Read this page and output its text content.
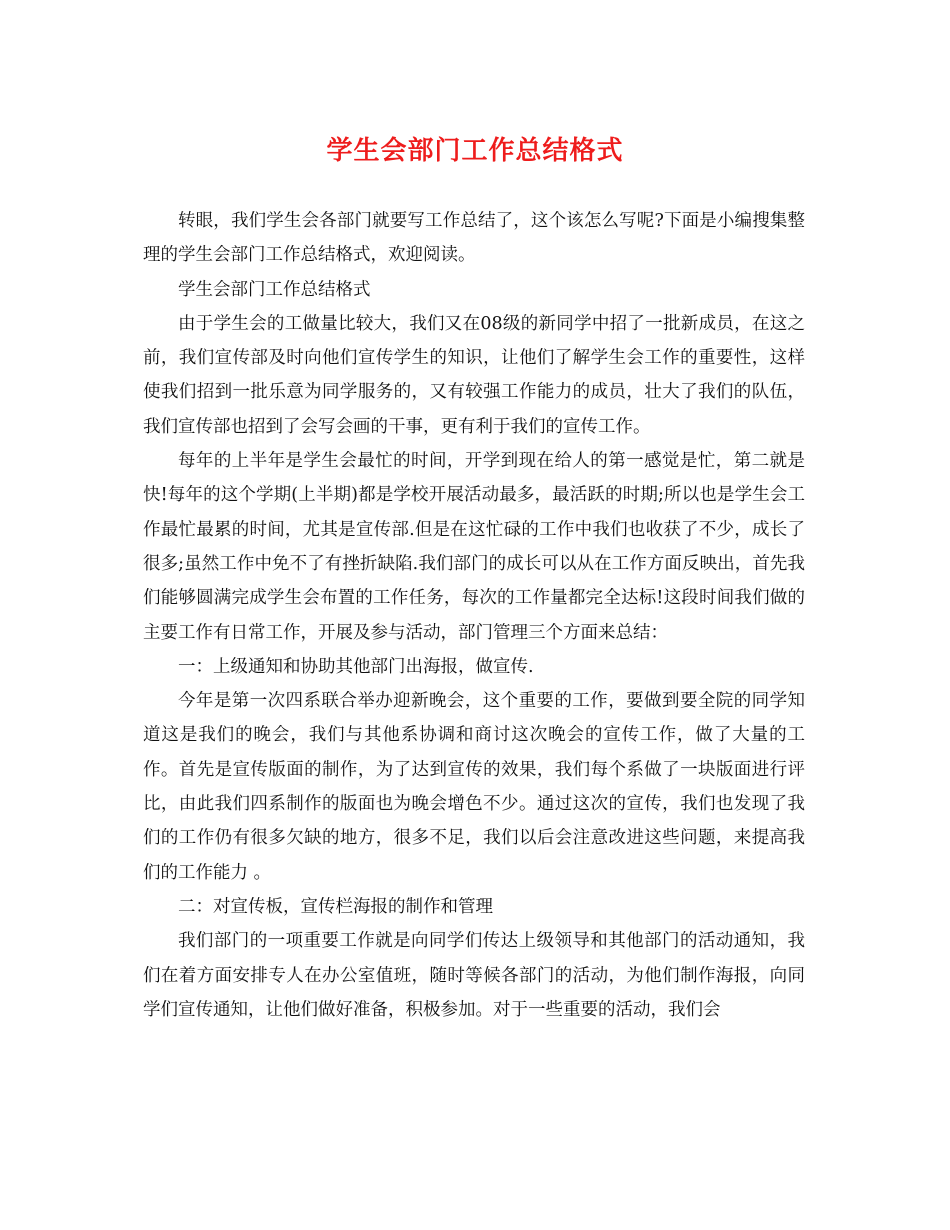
学生会部门工作总结格式

转眼，我们学生会各部门就要写工作总结了，这个该怎么写呢?下面是小编搜集整理的学生会部门工作总结格式，欢迎阅读。

学生会部门工作总结格式

由于学生会的工做量比较大，我们又在08级的新同学中招了一批新成员，在这之前，我们宣传部及时向他们宣传学生的知识，让他们了解学生会工作的重要性，这样使我们招到一批乐意为同学服务的，又有较强工作能力的成员，壮大了我们的队伍，我们宣传部也招到了会写会画的干事，更有利于我们的宣传工作。

每年的上半年是学生会最忙的时间，开学到现在给人的第一感觉是忙，第二就是快!每年的这个学期(上半期)都是学校开展活动最多，最活跃的时期;所以也是学生会工作最忙最累的时间，尤其是宣传部.但是在这忙碌的工作中我们也收获了不少，成长了很多;虽然工作中免不了有挫折缺陷.我们部门的成长可以从在工作方面反映出，首先我们能够圆满完成学生会布置的工作任务，每次的工作量都完全达标!这段时间我们做的主要工作有日常工作，开展及参与活动，部门管理三个方面来总结：

一：上级通知和协助其他部门出海报，做宣传.

今年是第一次四系联合举办迎新晚会，这个重要的工作，要做到要全院的同学知道这是我们的晚会，我们与其他系协调和商讨这次晚会的宣传工作，做了大量的工作。首先是宣传版面的制作，为了达到宣传的效果，我们每个系做了一块版面进行评比，由此我们四系制作的版面也为晚会增色不少。通过这次的宣传，我们也发现了我们的工作仍有很多欠缺的地方，很多不足，我们以后会注意改进这些问题，来提高我们的工作能力 。

二：对宣传板，宣传栏海报的制作和管理

我们部门的一项重要工作就是向同学们传达上级领导和其他部门的活动通知，我们在着方面安排专人在办公室值班，随时等候各部门的活动，为他们制作海报，向同学们宣传通知，让他们做好准备，积极参加。对于一些重要的活动，我们会
